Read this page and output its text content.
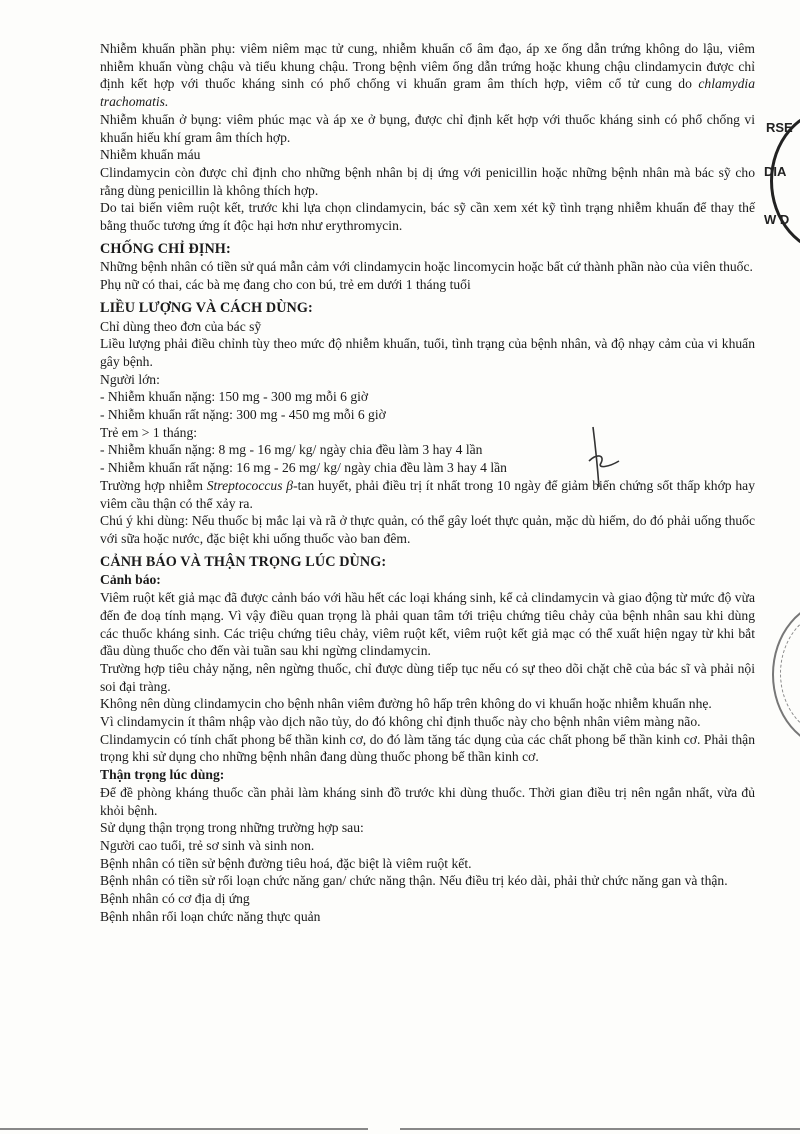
Nhiễm khuẩn phần phụ: viêm niêm mạc tử cung, nhiễm khuẩn cổ âm đạo, áp xe ống dẫn trứng không do lậu, viêm nhiễm khuẩn vùng chậu và tiểu khung chậu. Trong bệnh viêm ống dẫn trứng hoặc khung chậu clindamycin được chỉ định kết hợp với thuốc kháng sinh có phổ chống vi khuẩn gram âm thích hợp, viêm cổ tử cung do chlamydia trachomatis.

Nhiễm khuẩn ở bụng: viêm phúc mạc và áp xe ở bụng, được chỉ định kết hợp với thuốc kháng sinh có phổ chống vi khuẩn hiếu khí gram âm thích hợp.

Nhiễm khuẩn máu

Clindamycin còn được chỉ định cho những bệnh nhân bị dị ứng với penicillin hoặc những bệnh nhân mà bác sỹ cho rằng dùng penicillin là không thích hợp.

Do tai biến viêm ruột kết, trước khi lựa chọn clindamycin, bác sỹ cần xem xét kỹ tình trạng nhiễm khuẩn để thay thế bằng thuốc tương ứng ít độc hại hơn như erythromycin.

CHỐNG CHỈ ĐỊNH:

Những bệnh nhân có tiền sử quá mẫn cảm với clindamycin hoặc lincomycin hoặc bất cứ thành phần nào của viên thuốc.

Phụ nữ có thai, các bà mẹ đang cho con bú, trẻ em dưới 1 tháng tuổi

LIỀU LƯỢNG VÀ CÁCH DÙNG:

Chỉ dùng theo đơn của bác sỹ

Liều lượng phải điều chỉnh tùy theo mức độ nhiễm khuẩn, tuổi, tình trạng của bệnh nhân, và độ nhạy cảm của vi khuẩn gây bệnh.

Người lớn:

- Nhiễm khuẩn nặng: 150 mg - 300 mg mỗi 6 giờ

- Nhiễm khuẩn rất nặng: 300 mg - 450 mg mỗi 6 giờ

Trẻ em > 1 tháng:

- Nhiễm khuẩn nặng: 8 mg - 16 mg/ kg/ ngày chia đều làm 3 hay 4 lần

- Nhiễm khuẩn rất nặng: 16 mg - 26 mg/ kg/ ngày chia đều làm 3 hay 4 lần

Trường hợp nhiễm Streptococcus β-tan huyết, phải điều trị ít nhất trong 10 ngày để giảm biến chứng sốt thấp khớp hay viêm cầu thận có thể xảy ra.

Chú ý khi dùng: Nếu thuốc bị mắc lại và rã ở thực quản, có thể gây loét thực quản, mặc dù hiếm, do đó phải uống thuốc với sữa hoặc nước, đặc biệt khi uống thuốc vào ban đêm.

CẢNH BÁO VÀ THẬN TRỌNG LÚC DÙNG:

Cảnh báo:

Viêm ruột kết giả mạc đã được cảnh báo với hầu hết các loại kháng sinh, kể cả clindamycin và giao động từ mức độ vừa đến đe doạ tính mạng. Vì vậy điều quan trọng là phải quan tâm tới triệu chứng tiêu chảy của bệnh nhân sau khi dùng các thuốc kháng sinh. Các triệu chứng tiêu chảy, viêm ruột kết, viêm ruột kết giả mạc có thể xuất hiện ngay từ khi bắt đầu dùng thuốc cho đến vài tuần sau khi ngừng clindamycin.

Trường hợp tiêu chảy nặng, nên ngừng thuốc, chỉ được dùng tiếp tục nếu có sự theo dõi chặt chẽ của bác sĩ và phải nội soi đại tràng.

Không nên dùng clindamycin cho bệnh nhân viêm đường hô hấp trên không do vi khuẩn hoặc nhiễm khuẩn nhẹ.

Vì clindamycin ít thâm nhập vào dịch não tủy, do đó không chỉ định thuốc này cho bệnh nhân viêm màng não.

Clindamycin có tính chất phong bế thần kinh cơ, do đó làm tăng tác dụng của các chất phong bế thần kinh cơ. Phải thận trọng khi sử dụng cho những bệnh nhân đang dùng thuốc phong bế thần kinh cơ.

Thận trọng lúc dùng:

Để đề phòng kháng thuốc cần phải làm kháng sinh đồ trước khi dùng thuốc. Thời gian điều trị nên ngắn nhất, vừa đủ khỏi bệnh.

Sử dụng thận trọng trong những trường hợp sau:

Người cao tuổi, trẻ sơ sinh và sinh non.

Bệnh nhân có tiền sử bệnh đường tiêu hoá, đặc biệt là viêm ruột kết.

Bệnh nhân có tiền sử rối loạn chức năng gan/ chức năng thận. Nếu điều trị kéo dài, phải thử chức năng gan và thận.

Bệnh nhân có cơ địa dị ứng

Bệnh nhân rối loạn chức năng thực quản

RSE
DIA
W D
